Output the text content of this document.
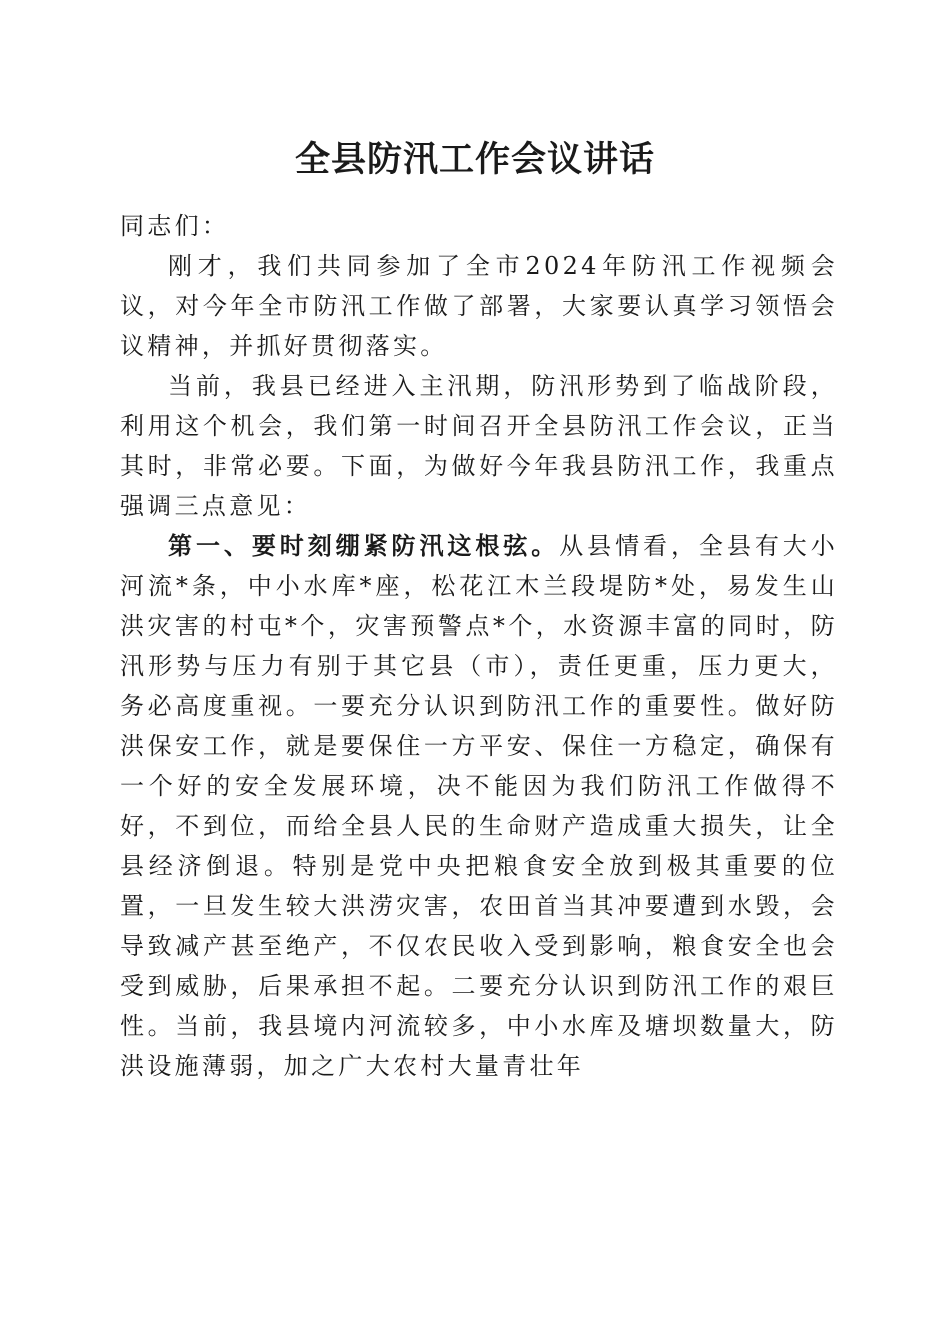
全县防汛工作会议讲话

同志们：

刚才，我们共同参加了全市2024年防汛工作视频会议，对今年全市防汛工作做了部署，大家要认真学习领悟会议精神，并抓好贯彻落实。

当前，我县已经进入主汛期，防汛形势到了临战阶段，利用这个机会，我们第一时间召开全县防汛工作会议，正当其时，非常必要。下面，为做好今年我县防汛工作，我重点强调三点意见：

第一、要时刻绷紧防汛这根弦。从县情看，全县有大小河流*条，中小水库*座，松花江木兰段堤防*处，易发生山洪灾害的村屯*个，灾害预警点*个，水资源丰富的同时，防汛形势与压力有别于其它县（市），责任更重，压力更大，务必高度重视。一要充分认识到防汛工作的重要性。做好防洪保安工作，就是要保住一方平安、保住一方稳定，确保有一个好的安全发展环境，决不能因为我们防汛工作做得不好，不到位，而给全县人民的生命财产造成重大损失，让全县经济倒退。特别是党中央把粮食安全放到极其重要的位置，一旦发生较大洪涝灾害，农田首当其冲要遭到水毁，会导致减产甚至绝产，不仅农民收入受到影响，粮食安全也会受到威胁，后果承担不起。二要充分认识到防汛工作的艰巨性。当前，我县境内河流较多，中小水库及塘坝数量大，防洪设施薄弱，加之广大农村大量青壮年
